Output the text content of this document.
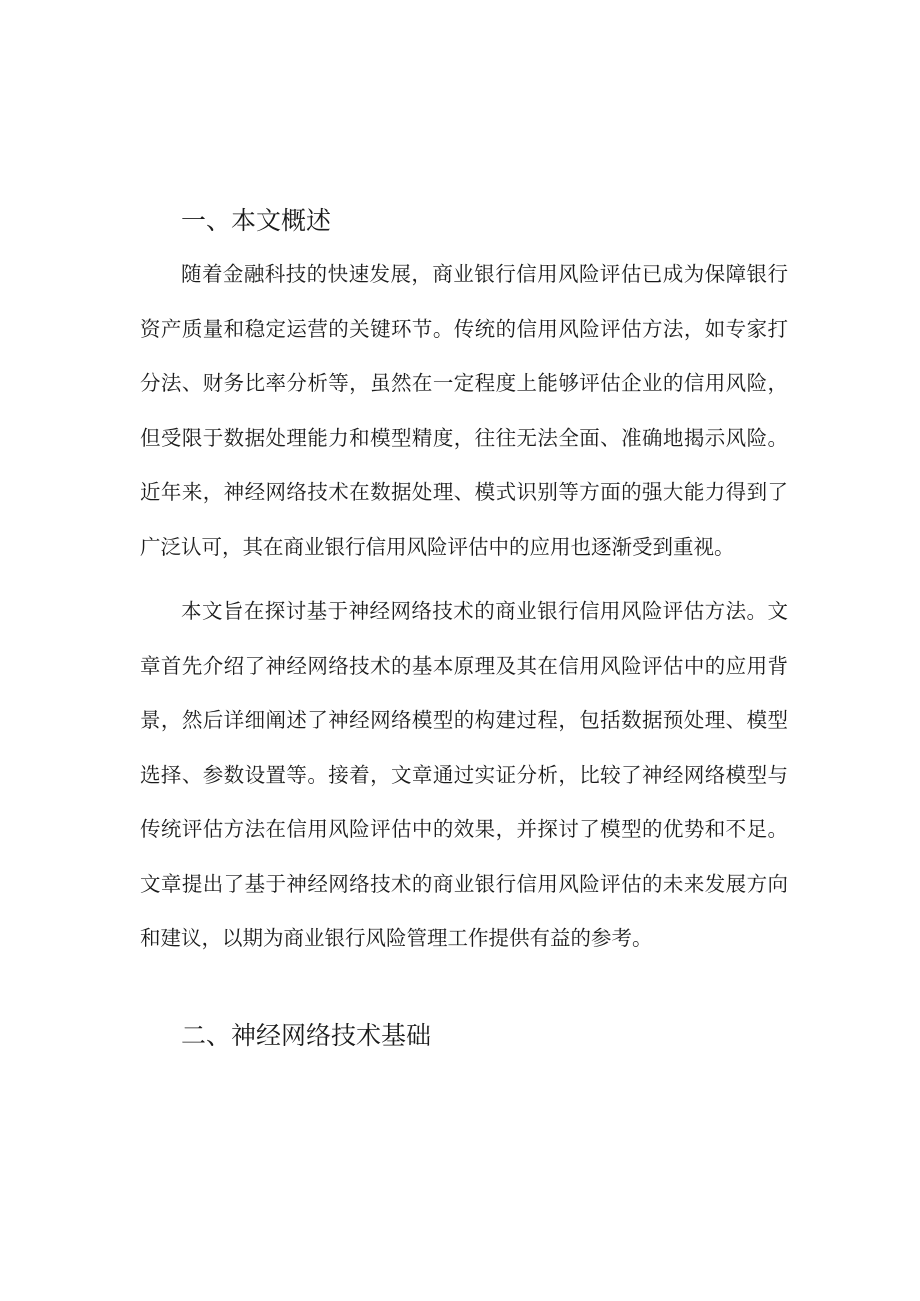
一、本文概述

随着金融科技的快速发展，商业银行信用风险评估已成为保障银行资产质量和稳定运营的关键环节。传统的信用风险评估方法，如专家打分法、财务比率分析等，虽然在一定程度上能够评估企业的信用风险，但受限于数据处理能力和模型精度，往往无法全面、准确地揭示风险。近年来，神经网络技术在数据处理、模式识别等方面的强大能力得到了广泛认可，其在商业银行信用风险评估中的应用也逐渐受到重视。

本文旨在探讨基于神经网络技术的商业银行信用风险评估方法。文章首先介绍了神经网络技术的基本原理及其在信用风险评估中的应用背景，然后详细阐述了神经网络模型的构建过程，包括数据预处理、模型选择、参数设置等。接着，文章通过实证分析，比较了神经网络模型与传统评估方法在信用风险评估中的效果，并探讨了模型的优势和不足。文章提出了基于神经网络技术的商业银行信用风险评估的未来发展方向和建议，以期为商业银行风险管理工作提供有益的参考。

二、神经网络技术基础
